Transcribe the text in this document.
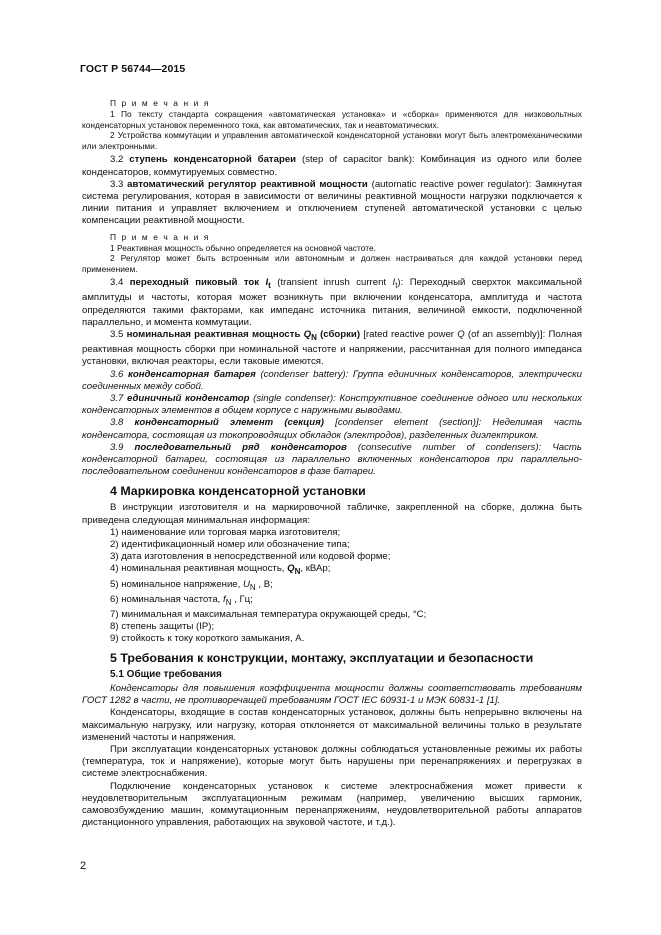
ГОСТ Р 56744—2015

П р и м е ч а н и я

1 По тексту стандарта сокращения «автоматическая установка» и «сборка» применяются для низковольтных конденсаторных установок переменного тока, как автоматических, так и неавтоматических.

2 Устройства коммутации и управления автоматической конденсаторной установки могут быть электромеханическими или электронными.

3.2 ступень конденсаторной батареи (step of capacitor bank): Комбинация из одного или более конденсаторов, коммутируемых совместно.

3.3 автоматический регулятор реактивной мощности (automatic reactive power regulator): Замкнутая система регулирования, которая в зависимости от величины реактивной мощности нагрузки подключается к линии питания и управляет включением и отключением ступеней автоматической установки с целью компенсации реактивной мощности.

П р и м е ч а н и я

1 Реактивная мощность обычно определяется на основной частоте.

2 Регулятор может быть встроенным или автономным и должен настраиваться для каждой установки перед применением.

3.4 переходный пиковый ток $I_t$ (transient inrush current $I_t$): Переходный сверхток максимальной амплитуды и частоты, которая может возникнуть при включении конденсатора, амплитуда и частота определяются такими факторами, как импеданс источника питания, величиной емкости, подключенной параллельно, и момента коммутации.

3.5 номинальная реактивная мощность $Q_N$ (сборки) [rated reactive power Q (of an assembly)]: Полная реактивная мощность сборки при номинальной частоте и напряжении, рассчитанная для полного импеданса установки, включая реакторы, если таковые имеются.

3.6 конденсаторная батарея (condenser battery): Группа единичных конденсаторов, электрически соединенных между собой.

3.7 единичный конденсатор (single condenser): Конструктивное соединение одного или нескольких конденсаторных элементов в общем корпусе с наружными выводами.

3.8 конденсаторный элемент (секция) [condenser element (section)]: Неделимая часть конденсатора, состоящая из токопроводящих обкладок (электродов), разделенных диэлектриком.

3.9 последовательный ряд конденсаторов (consecutive number of condensers): Часть конденсаторной батареи, состоящая из параллельно включенных конденсаторов при параллельно-последовательном соединении конденсаторов в фазе батареи.

4 Маркировка конденсаторной установки

В инструкции изготовителя и на маркировочной табличке, закрепленной на сборке, должна быть приведена следующая минимальная информация:

1) наименование или торговая марка изготовителя;

2) идентификационный номер или обозначение типа;

3) дата изготовления в непосредственной или кодовой форме;

4) номинальная реактивная мощность, $Q_N$, кВАр;

5) номинальное напряжение, $U_N$ , В;

6) номинальная частота, $f_N$ , Гц;

7) минимальная и максимальная температура окружающей среды, °С;

8) степень защиты (IP);

9) стойкость к току короткого замыкания, А.

5 Требования к конструкции, монтажу, эксплуатации и безопасности
5.1 Общие требования

Конденсаторы для повышения коэффициента мощности должны соответствовать требованиям ГОСТ 1282 в части, не противоречащей требованиям ГОСТ IEC 60931-1 и МЭК 60831-1 [1].

Конденсаторы, входящие в состав конденсаторных установок, должны быть непрерывно включены на максимальную нагрузку, или нагрузку, которая отклоняется от максимальной величины только в результате изменений частоты и напряжения.

При эксплуатации конденсаторных установок должны соблюдаться установленные режимы их работы (температура, ток и напряжение), которые могут быть нарушены при перенапряжениях и перегрузках в системе электроснабжения.

Подключение конденсаторных установок к системе электроснабжения может привести к неудовлетворительным эксплуатационным режимам (например, увеличению высших гармоник, самовозбуждению машин, коммутационным перенапряжениям, неудовлетворительной работы аппаратов дистанционного управления, работающих на звуковой частоте, и т.д.).

2
